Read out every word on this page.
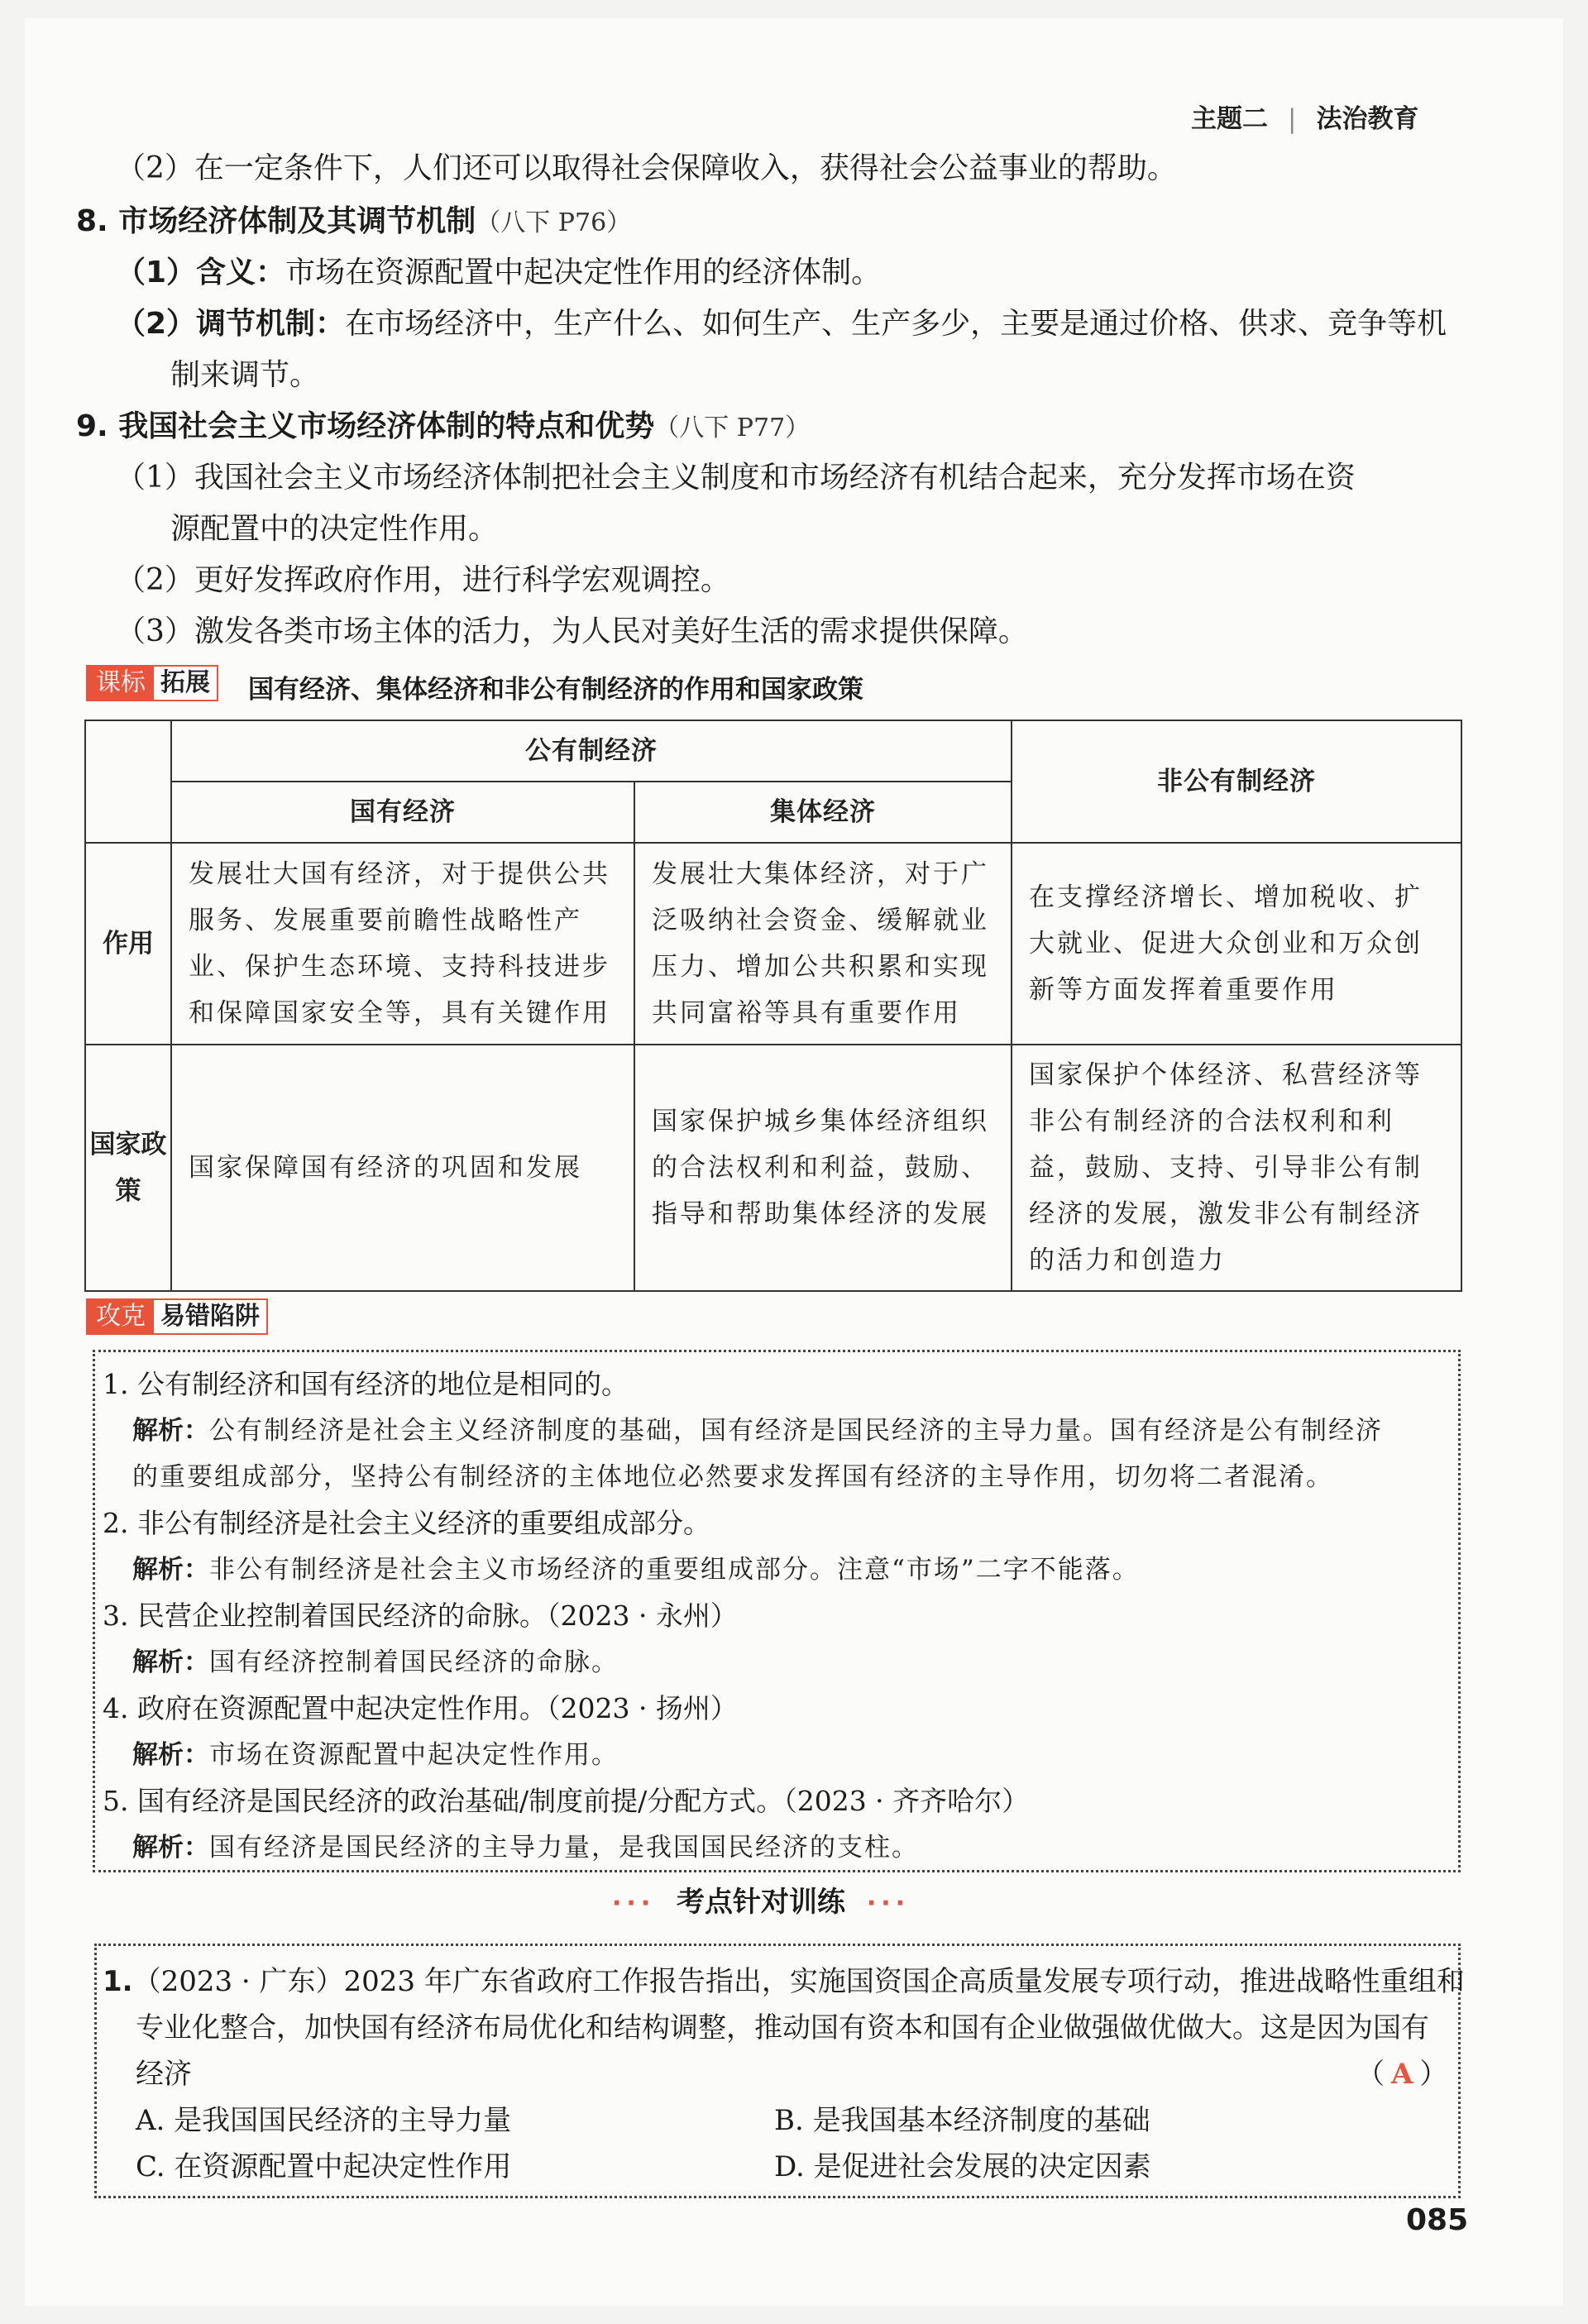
主题二 | 法治教育
（2）在一定条件下，人们还可以取得社会保障收入，获得社会公益事业的帮助。
8. 市场经济体制及其调节机制（八下 P76）
（1）含义：市场在资源配置中起决定性作用的经济体制。
（2）调节机制：在市场经济中，生产什么、如何生产、生产多少，主要是通过价格、供求、竞争等机
制来调节。
9. 我国社会主义市场经济体制的特点和优势（八下 P77）
（1）我国社会主义市场经济体制把社会主义制度和市场经济有机结合起来，充分发挥市场在资
源配置中的决定性作用。
（2）更好发挥政府作用，进行科学宏观调控。
（3）激发各类市场主体的活力，为人民对美好生活的需求提供保障。
课标 拓展 国有经济、集体经济和非公有制经济的作用和国家政策
	公有制经济		非公有制经济
	国有经济	集体经济	
作用	发展壮大国有经济，对于提供公共服务、发展重要前瞻性战略性产业、保护生态环境、支持科技进步和保障国家安全等，具有关键作用	发展壮大集体经济，对于广泛吸纳社会资金、缓解就业压力、增加公共积累和实现共同富裕等具有重要作用	在支撑经济增长、增加税收、扩大就业、促进大众创业和万众创新等方面发挥着重要作用
国家政策	国家保障国有经济的巩固和发展	国家保护城乡集体经济组织的合法权利和利益，鼓励、指导和帮助集体经济的发展	国家保护个体经济、私营经济等非公有制经济的合法权利和利益，鼓励、支持、引导非公有制经济的发展，激发非公有制经济的活力和创造力
攻克 易错陷阱
1. 公有制经济和国有经济的地位是相同的。
解析：公有制经济是社会主义经济制度的基础，国有经济是国民经济的主导力量。国有经济是公有制经济
的重要组成部分，坚持公有制经济的主体地位必然要求发挥国有经济的主导作用，切勿将二者混淆。
2. 非公有制经济是社会主义经济的重要组成部分。
解析：非公有制经济是社会主义市场经济的重要组成部分。注意“市场”二字不能落。
3. 民营企业控制着国民经济的命脉。（2023 · 永州）
解析：国有经济控制着国民经济的命脉。
4. 政府在资源配置中起决定性作用。（2023 · 扬州）
解析：市场在资源配置中起决定性作用。
5. 国有经济是国民经济的政治基础/制度前提/分配方式。（2023 · 齐齐哈尔）
解析：国有经济是国民经济的主导力量，是我国国民经济的支柱。
··· 考点针对训练 ···
1.（2023 · 广东）2023 年广东省政府工作报告指出，实施国资国企高质量发展专项行动，推进战略性重组和
专业化整合，加快国有经济布局优化和结构调整，推动国有资本和国有企业做强做优做大。这是因为国有
经济	（ A ）
A. 是我国国民经济的主导力量	B. 是我国基本经济制度的基础
C. 在资源配置中起决定性作用	D. 是促进社会发展的决定因素
085
